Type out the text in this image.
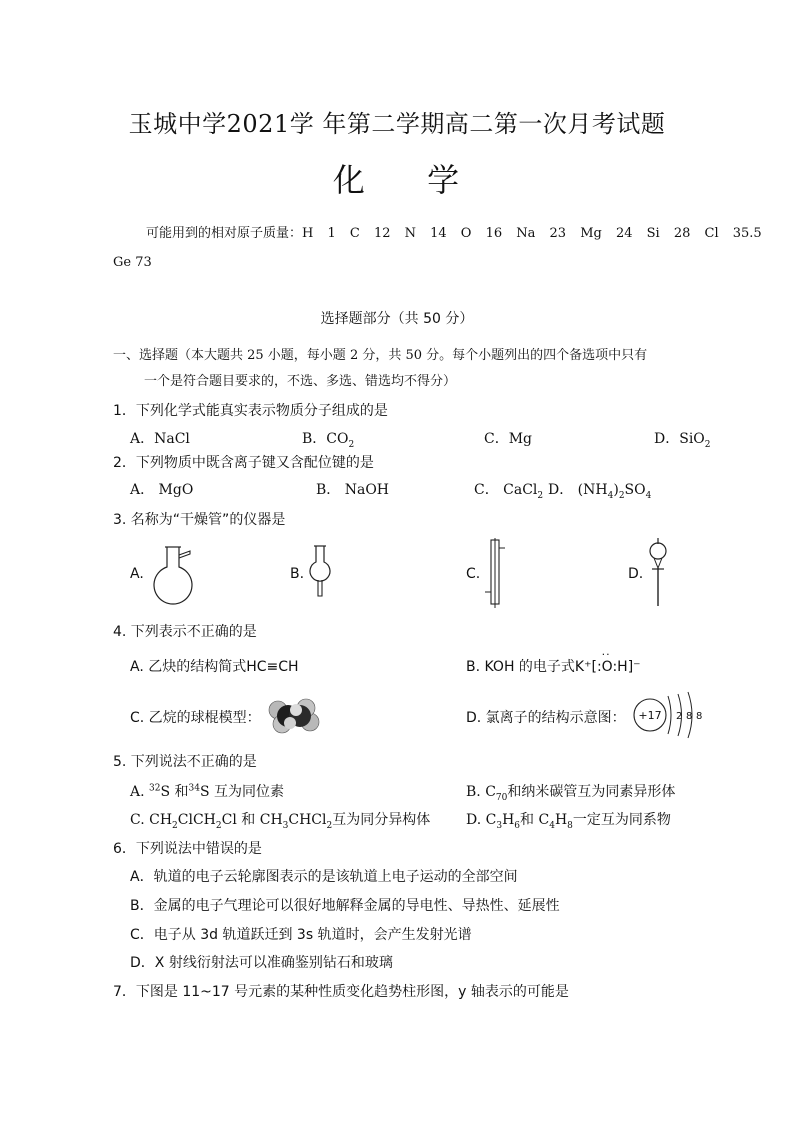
玉城中学2021学 年第二学期高二第一次月考试题
化 学
可能用到的相对原子质量：H 1 C 12 N 14 O 16 Na 23 Mg 24 Si 28 Cl 35.5
Ge 73
选择题部分（共 50 分）
一、选择题（本大题共 25 小题，每小题 2 分，共 50 分。每个小题列出的四个备选项中只有
一个是符合题目要求的，不选、多选、错选均不得分）
1．下列化学式能真实表示物质分子组成的是
A．NaCl	B．$CO_2$	C．Mg	D．SiO$_2$
2．下列物质中既含离子键又含配位键的是
A． MgO	B． NaOH	C． CaCl$_2$ D． $(NH_4)_2SO_4$
3. 名称为“干燥管”的仪器是
A.	B.	C.	D.
4. 下列表示不正确的是
A. 乙炔的结构简式HC≡CH	B. KOH 的电子式K⁺[:
··
O:H]⁻
C. 乙烷的球棍模型：	D. 氯离子的结构示意图： +17 2 8 8
5. 下列说法不正确的是
A. $^{32}$S 和$^{34}$S 互为同位素	B. $C_{70}$和纳米碳管互为同素异形体
C. $CH_2ClCH_2Cl$ 和 $CH_3CHCl_2$互为同分异构体	D. $C_3H_6$和 $C_4H_8$一定互为同系物
6．下列说法中错误的是
A．轨道的电子云轮廓图表示的是该轨道上电子运动的全部空间
B．金属的电子气理论可以很好地解释金属的导电性、导热性、延展性
C．电子从 3d 轨道跃迁到 3s 轨道时，会产生发射光谱
D．X 射线衍射法可以准确鉴别钻石和玻璃
7．下图是 11~17 号元素的某种性质变化趋势柱形图，y 轴表示的可能是
